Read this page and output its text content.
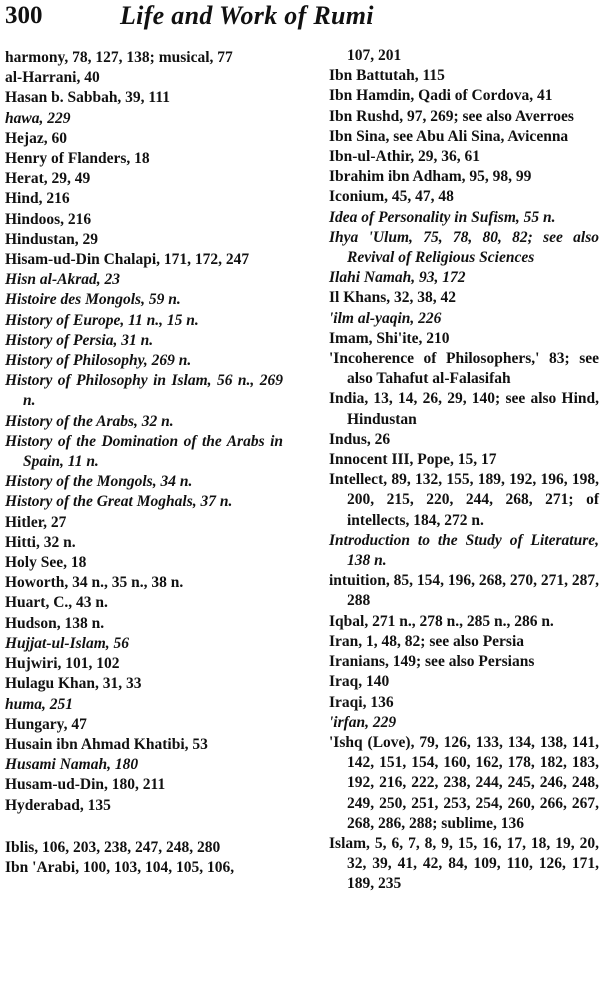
300	Life and Work of Rumi

harmony, 78, 127, 138; musical, 77

al-Harrani, 40

Hasan b. Sabbah, 39, 111

hawa, 229

Hejaz, 60

Henry of Flanders, 18

Herat, 29, 49

Hind, 216

Hindoos, 216

Hindustan, 29

Hisam-ud-Din Chalapi, 171, 172, 247

Hisn al-Akrad, 23

Histoire des Mongols, 59 n.

History of Europe, 11 n., 15 n.

History of Persia, 31 n.

History of Philosophy, 269 n.

History of Philosophy in Islam, 56 n., 269 n.

History of the Arabs, 32 n.

History of the Domination of the Arabs in Spain, 11 n.

History of the Mongols, 34 n.

History of the Great Moghals, 37 n.

Hitler, 27

Hitti, 32 n.

Holy See, 18

Howorth, 34 n., 35 n., 38 n.

Huart, C., 43 n.

Hudson, 138 n.

Hujjat-ul-Islam, 56

Hujwiri, 101, 102

Hulagu Khan, 31, 33

huma, 251

Hungary, 47

Husain ibn Ahmad Khatibi, 53

Husami Namah, 180

Husam-ud-Din, 180, 211

Hyderabad, 135

Iblis, 106, 203, 238, 247, 248, 280

Ibn 'Arabi, 100, 103, 104, 105, 106,

107, 201

Ibn Battutah, 115

Ibn Hamdin, Qadi of Cordova, 41

Ibn Rushd, 97, 269; see also Averroes

Ibn Sina, see Abu Ali Sina, Avicenna

Ibn-ul-Athir, 29, 36, 61

Ibrahim ibn Adham, 95, 98, 99

Iconium, 45, 47, 48

Idea of Personality in Sufism, 55 n.

Ihya 'Ulum, 75, 78, 80, 82; see also Revival of Religious Sciences

Ilahi Namah, 93, 172

Il Khans, 32, 38, 42

'ilm al-yaqin, 226

Imam, Shi'ite, 210

'Incoherence of Philosophers,' 83; see also Tahafut al-Falasifah

India, 13, 14, 26, 29, 140; see also Hind, Hindustan

Indus, 26

Innocent III, Pope, 15, 17

Intellect, 89, 132, 155, 189, 192, 196, 198, 200, 215, 220, 244, 268, 271; of intellects, 184, 272 n.

Introduction to the Study of Literature, 138 n.

intuition, 85, 154, 196, 268, 270, 271, 287, 288

Iqbal, 271 n., 278 n., 285 n., 286 n.

Iran, 1, 48, 82; see also Persia

Iranians, 149; see also Persians

Iraq, 140

Iraqi, 136

'irfan, 229

'Ishq (Love), 79, 126, 133, 134, 138, 141, 142, 151, 154, 160, 162, 178, 182, 183, 192, 216, 222, 238, 244, 245, 246, 248, 249, 250, 251, 253, 254, 260, 266, 267, 268, 286, 288; sublime, 136

Islam, 5, 6, 7, 8, 9, 15, 16, 17, 18, 19, 20, 32, 39, 41, 42, 84, 109, 110, 126, 171, 189, 235
